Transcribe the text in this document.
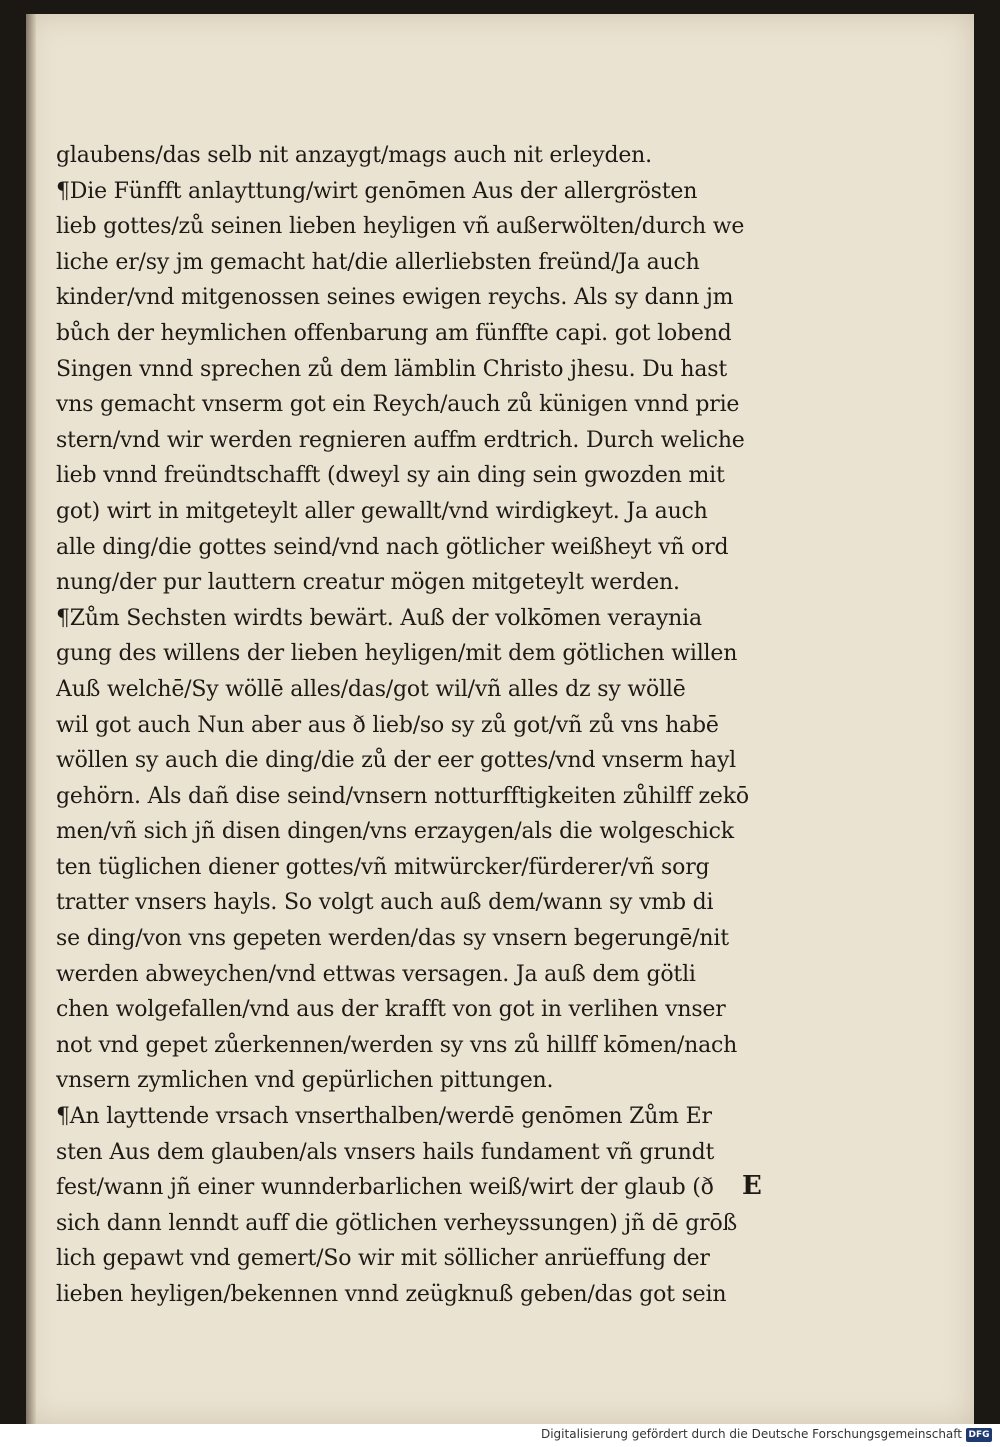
glaubens/das selb nit anzaygt/mags auch nit erleyden.
¶Die Fünfft anlayttung/wirt genōmen Aus der allergrösten
lieb gottes/zů seinen lieben heyligen vñ außerwölten/durch we
liche er/sy jm gemacht hat/die allerliebsten freünd/Ja auch
kinder/vnd mitgenossen seines ewigen reychs. Als sy dann jm
bůch der heymlichen offenbarung am fünffte capi. got lobend
Singen vnnd sprechen zů dem lämblin Christo jhesu. Du hast
vns gemacht vnserm got ein Reych/auch zů künigen vnnd prie
stern/vnd wir werden regnieren auffm erdtrich. Durch weliche
lieb vnnd freündtschafft (dweyl sy ain ding sein gwozden mit
got) wirt in mitgeteylt aller gewallt/vnd wirdigkeyt. Ja auch
alle ding/die gottes seind/vnd nach götlicher weißheyt vñ ord
nung/der pur lauttern creatur mögen mitgeteylt werden.
¶Zům Sechsten wirdts bewärt. Auß der volkōmen veraynia
gung des willens der lieben heyligen/mit dem götlichen willen
Auß welchē/Sy wöllē alles/das/got wil/vñ alles dz sy wöllē
wil got auch Nun aber aus ð lieb/so sy zů got/vñ zů vns habē
wöllen sy auch die ding/die zů der eer gottes/vnd vnserm hayl
gehörn. Als dañ dise seind/vnsern notturfftigkeiten zůhilff zekō
men/vñ sich jñ disen dingen/vns erzaygen/als die wolgeschick
ten tüglichen diener gottes/vñ mitwürcker/fürderer/vñ sorg
tratter vnsers hayls. So volgt auch auß dem/wann sy vmb di
se ding/von vns gepeten werden/das sy vnsern begerungē/nit
werden abweychen/vnd ettwas versagen. Ja auß dem götli
chen wolgefallen/vnd aus der krafft von got in verlihen vnser
not vnd gepet zůerkennen/werden sy vns zů hillff kōmen/nach
vnsern zymlichen vnd gepürlichen pittungen.
¶An layttende vrsach vnserthalben/werdē genōmen Zům Er
sten Aus dem glauben/als vnsers hails fundament vñ grundt
fest/wann jñ einer wunnderbarlichen weiß/wirt der glaub (ð
sich dann lenndt auff die götlichen verheyssungen) jñ dē grōß
lich gepawt vnd gemert/So wir mit söllicher anrüeffung der
lieben heyligen/bekennen vnnd zeügknuß geben/das got sein
E
Digitalisierung gefördert durch die Deutsche Forschungsgemeinschaft DFG
